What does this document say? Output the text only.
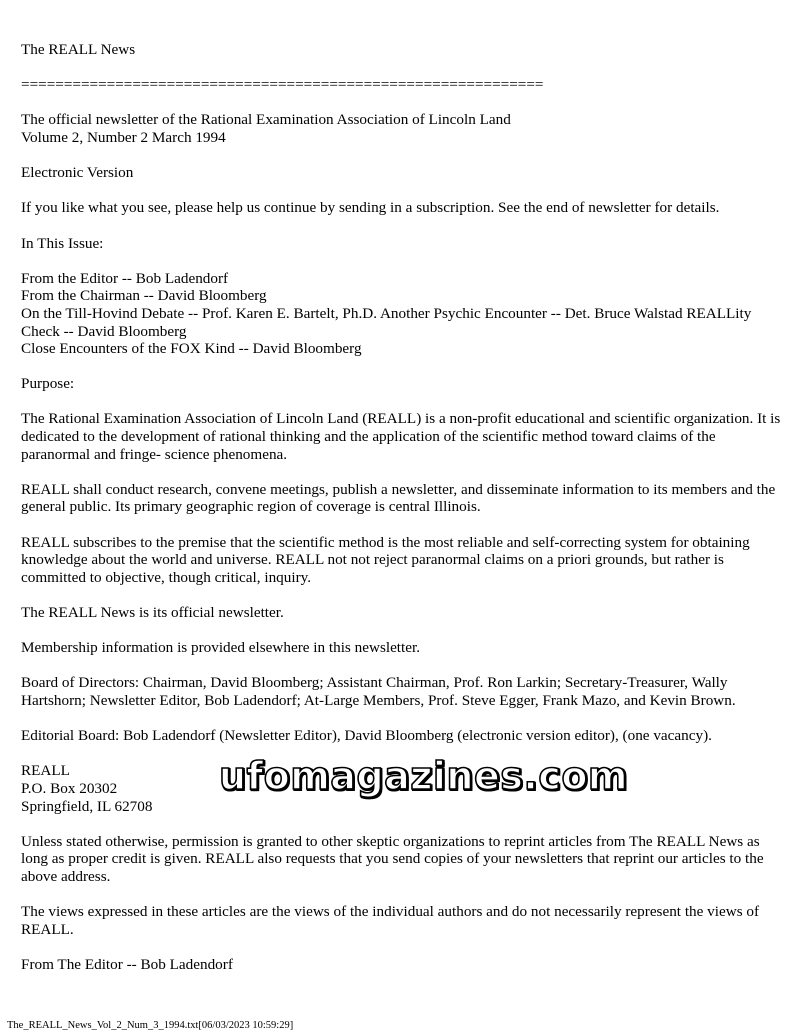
The REALL News

=============================================================

The official newsletter of the Rational Examination Association of Lincoln Land
Volume 2, Number 2 March 1994

Electronic Version

If you like what you see, please help us continue by sending in a subscription. See the end of newsletter for details.

In This Issue:

From the Editor -- Bob Ladendorf
From the Chairman -- David Bloomberg
On the Till-Hovind Debate -- Prof. Karen E. Bartelt, Ph.D. Another Psychic Encounter -- Det. Bruce Walstad REALLity Check -- David Bloomberg
Close Encounters of the FOX Kind -- David Bloomberg

Purpose:

The Rational Examination Association of Lincoln Land (REALL) is a non-profit educational and scientific organization. It is dedicated to the development of rational thinking and the application of the scientific method toward claims of the paranormal and fringe- science phenomena.

REALL shall conduct research, convene meetings, publish a newsletter, and disseminate information to its members and the general public. Its primary geographic region of coverage is central Illinois.

REALL subscribes to the premise that the scientific method is the most reliable and self-correcting system for obtaining knowledge about the world and universe. REALL not not reject paranormal claims on a priori grounds, but rather is committed to objective, though critical, inquiry.

The REALL News is its official newsletter.

Membership information is provided elsewhere in this newsletter.

Board of Directors: Chairman, David Bloomberg; Assistant Chairman, Prof. Ron Larkin; Secretary-Treasurer, Wally Hartshorn; Newsletter Editor, Bob Ladendorf; At-Large Members, Prof. Steve Egger, Frank Mazo, and Kevin Brown.

Editorial Board: Bob Ladendorf (Newsletter Editor), David Bloomberg (electronic version editor), (one vacancy).

REALL
P.O. Box 20302
Springfield, IL 62708

Unless stated otherwise, permission is granted to other skeptic organizations to reprint articles from The REALL News as long as proper credit is given. REALL also requests that you send copies of your newsletters that reprint our articles to the above address.

The views expressed in these articles are the views of the individual authors and do not necessarily represent the views of REALL.

From The Editor -- Bob Ladendorf

ufomagazines.com
The_REALL_News_Vol_2_Num_3_1994.txt[06/03/2023 10:59:29]
